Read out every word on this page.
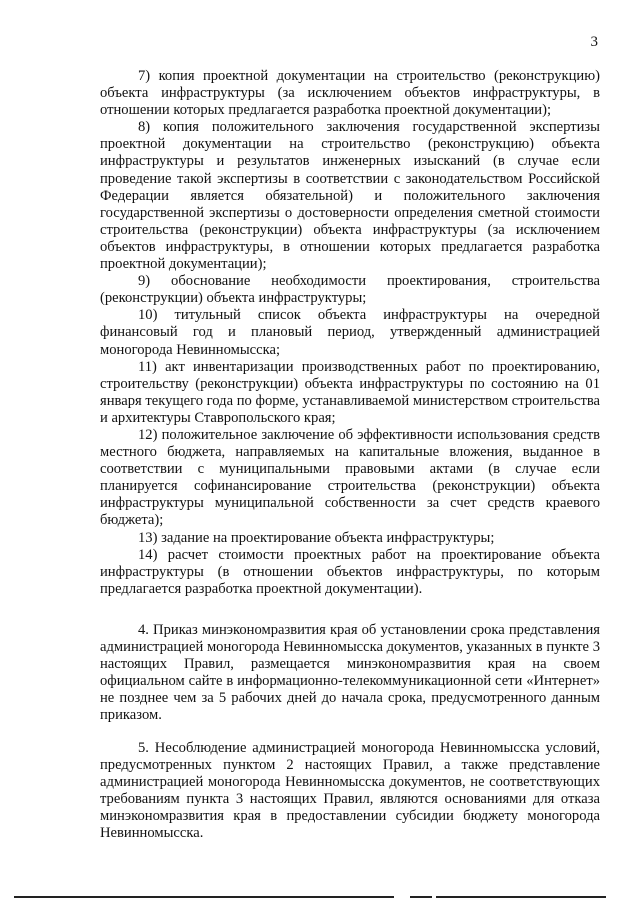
3

7) копия проектной документации на строительство (реконструкцию) объекта инфраструктуры (за исключением объектов инфраструктуры, в отношении которых предлагается разработка проектной документации);

8) копия положительного заключения государственной экспертизы проектной документации на строительство (реконструкцию) объекта инфраструктуры и результатов инженерных изысканий (в случае если проведение такой экспертизы в соответствии с законодательством Российской Федерации является обязательной) и положительного заключения государственной экспертизы о достоверности определения сметной стоимости строительства (реконструкции) объекта инфраструктуры (за исключением объектов инфраструктуры, в отношении которых предлагается разработка проектной документации);

9) обоснование необходимости проектирования, строительства (реконструкции) объекта инфраструктуры;

10) титульный список объекта инфраструктуры на очередной финансовый год и плановый период, утвержденный администрацией моногорода Невинномысска;

11) акт инвентаризации производственных работ по проектированию, строительству (реконструкции) объекта инфраструктуры по состоянию на 01 января текущего года по форме, устанавливаемой министерством строительства и архитектуры Ставропольского края;

12) положительное заключение об эффективности использования средств местного бюджета, направляемых на капитальные вложения, выданное в соответствии с муниципальными правовыми актами (в случае если планируется софинансирование строительства (реконструкции) объекта инфраструктуры муниципальной собственности за счет средств краевого бюджета);

13) задание на проектирование объекта инфраструктуры;

14) расчет стоимости проектных работ на проектирование объекта инфраструктуры (в отношении объектов инфраструктуры, по которым предлагается разработка проектной документации).

4. Приказ минэкономразвития края об установлении срока представления администрацией моногорода Невинномысска документов, указанных в пункте 3 настоящих Правил, размещается минэкономразвития края на своем официальном сайте в информационно-телекоммуникационной сети «Интернет» не позднее чем за 5 рабочих дней до начала срока, предусмотренного данным приказом.

5. Несоблюдение администрацией моногорода Невинномысска условий, предусмотренных пунктом 2 настоящих Правил, а также представление администрацией моногорода Невинномысска документов, не соответствующих требованиям пункта 3 настоящих Правил, являются основаниями для отказа минэкономразвития края в предоставлении субсидии бюджету моногорода Невинномысска.
